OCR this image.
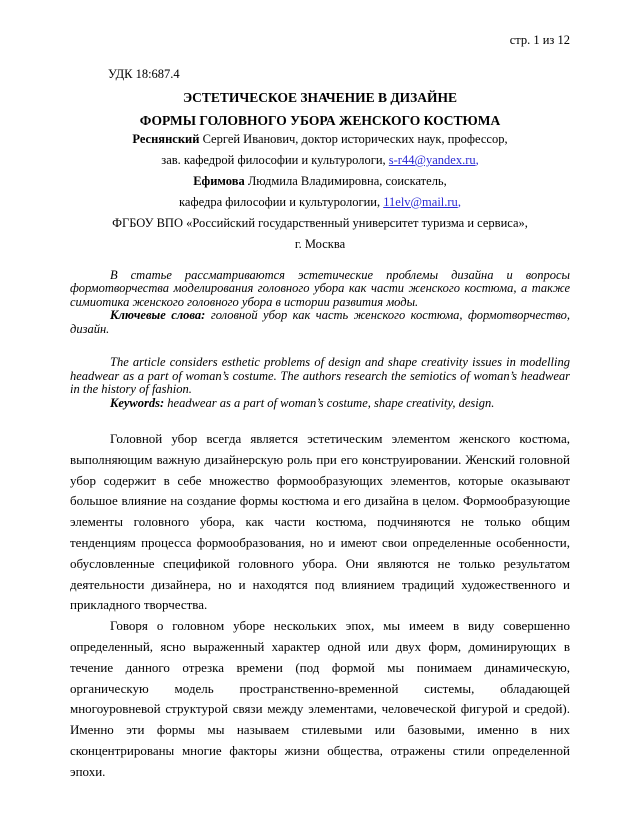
стр. 1 из 12
УДК 18:687.4

ЭСТЕТИЧЕСКОЕ ЗНАЧЕНИЕ В ДИЗАЙНЕ

ФОРМЫ ГОЛОВНОГО УБОРА ЖЕНСКОГО КОСТЮМА

Реснянский Сергей Иванович, доктор исторических наук, профессор,

зав. кафедрой философии и культурологи, s-r44@yandex.ru,

Ефимова Людмила Владимировна, соискатель,

кафедра философии и культурологии, 11elv@mail.ru,

ФГБОУ ВПО «Российский государственный университет туризма и сервиса»,

г. Москва

В статье рассматриваются эстетические проблемы дизайна и вопросы формотворчества моделирования головного убора как части женского костюма, а также симиотика женского головного убора в истории развития моды.

Ключевые слова: головной убор как часть женского костюма, формотворчество, дизайн.

The article considers esthetic problems of design and shape creativity issues in modelling headwear as a part of woman’s costume. The authors research the semiotics of woman’s headwear in the history of fashion.

Keywords: headwear as a part of woman’s costume, shape creativity, design.

Головной убор всегда является эстетическим элементом женского костюма, выполняющим важную дизайнерскую роль при его конструировании. Женский головной убор содержит в себе множество формообразующих элементов, которые оказывают большое влияние на создание формы костюма и его дизайна в целом. Формообразующие элементы головного убора, как части костюма, подчиняются не только общим тенденциям процесса формообразования, но и имеют свои определенные особенности, обусловленные спецификой головного убора. Они являются не только результатом деятельности дизайнера, но и находятся под влиянием традиций художественного и прикладного творчества.

Говоря о головном уборе нескольких эпох, мы имеем в виду совершенно определенный, ясно выраженный характер одной или двух форм, доминирующих в течение данного отрезка времени (под формой мы понимаем динамическую, органическую модель пространственно-временной системы, обладающей многоуровневой структурой связи между элементами, человеческой фигурой и средой). Именно эти формы мы называем стилевыми или базовыми, именно в них сконцентрированы многие факторы жизни общества, отражены стили определенной эпохи.
